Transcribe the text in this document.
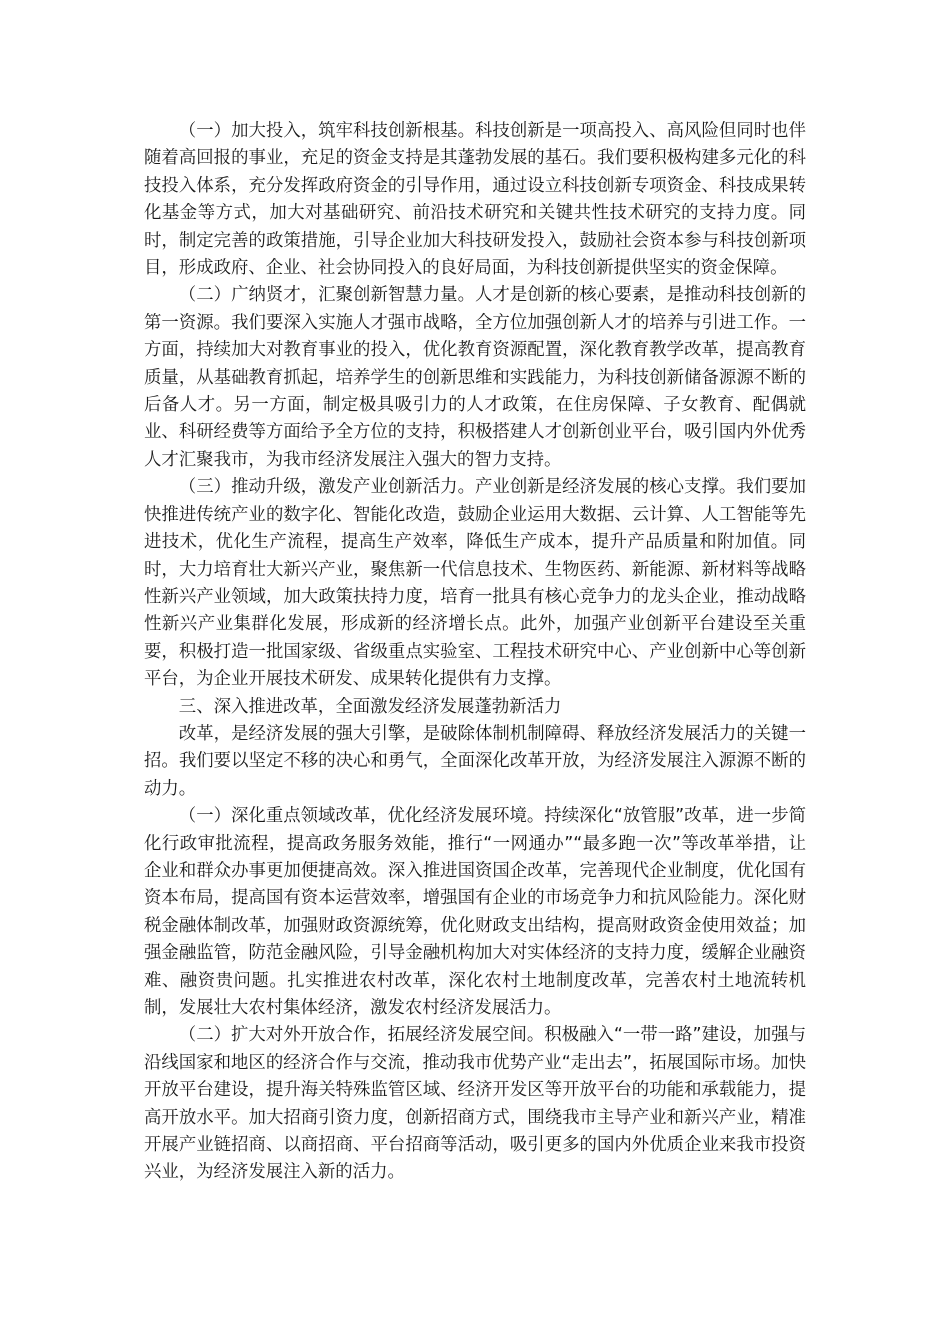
（一）加大投入，筑牢科技创新根基。科技创新是一项高投入、高风险但同时也伴随着高回报的事业，充足的资金支持是其蓬勃发展的基石。我们要积极构建多元化的科技投入体系，充分发挥政府资金的引导作用，通过设立科技创新专项资金、科技成果转化基金等方式，加大对基础研究、前沿技术研究和关键共性技术研究的支持力度。同时，制定完善的政策措施，引导企业加大科技研发投入，鼓励社会资本参与科技创新项目，形成政府、企业、社会协同投入的良好局面，为科技创新提供坚实的资金保障。

（二）广纳贤才，汇聚创新智慧力量。人才是创新的核心要素，是推动科技创新的第一资源。我们要深入实施人才强市战略，全方位加强创新人才的培养与引进工作。一方面，持续加大对教育事业的投入，优化教育资源配置，深化教育教学改革，提高教育质量，从基础教育抓起，培养学生的创新思维和实践能力，为科技创新储备源源不断的后备人才。另一方面，制定极具吸引力的人才政策，在住房保障、子女教育、配偶就业、科研经费等方面给予全方位的支持，积极搭建人才创新创业平台，吸引国内外优秀人才汇聚我市，为我市经济发展注入强大的智力支持。

（三）推动升级，激发产业创新活力。产业创新是经济发展的核心支撑。我们要加快推进传统产业的数字化、智能化改造，鼓励企业运用大数据、云计算、人工智能等先进技术，优化生产流程，提高生产效率，降低生产成本，提升产品质量和附加值。同时，大力培育壮大新兴产业，聚焦新一代信息技术、生物医药、新能源、新材料等战略性新兴产业领域，加大政策扶持力度，培育一批具有核心竞争力的龙头企业，推动战略性新兴产业集群化发展，形成新的经济增长点。此外，加强产业创新平台建设至关重要，积极打造一批国家级、省级重点实验室、工程技术研究中心、产业创新中心等创新平台，为企业开展技术研发、成果转化提供有力支撑。

三、深入推进改革，全面激发经济发展蓬勃新活力

改革，是经济发展的强大引擎，是破除体制机制障碍、释放经济发展活力的关键一招。我们要以坚定不移的决心和勇气，全面深化改革开放，为经济发展注入源源不断的动力。

（一）深化重点领域改革，优化经济发展环境。持续深化“放管服”改革，进一步简化行政审批流程，提高政务服务效能，推行“一网通办”“最多跑一次”等改革举措，让企业和群众办事更加便捷高效。深入推进国资国企改革，完善现代企业制度，优化国有资本布局，提高国有资本运营效率，增强国有企业的市场竞争力和抗风险能力。深化财税金融体制改革，加强财政资源统筹，优化财政支出结构，提高财政资金使用效益；加强金融监管，防范金融风险，引导金融机构加大对实体经济的支持力度，缓解企业融资难、融资贵问题。扎实推进农村改革，深化农村土地制度改革，完善农村土地流转机制，发展壮大农村集体经济，激发农村经济发展活力。

（二）扩大对外开放合作，拓展经济发展空间。积极融入“一带一路”建设，加强与沿线国家和地区的经济合作与交流，推动我市优势产业“走出去”，拓展国际市场。加快开放平台建设，提升海关特殊监管区域、经济开发区等开放平台的功能和承载能力，提高开放水平。加大招商引资力度，创新招商方式，围绕我市主导产业和新兴产业，精准开展产业链招商、以商招商、平台招商等活动，吸引更多的国内外优质企业来我市投资兴业，为经济发展注入新的活力。
